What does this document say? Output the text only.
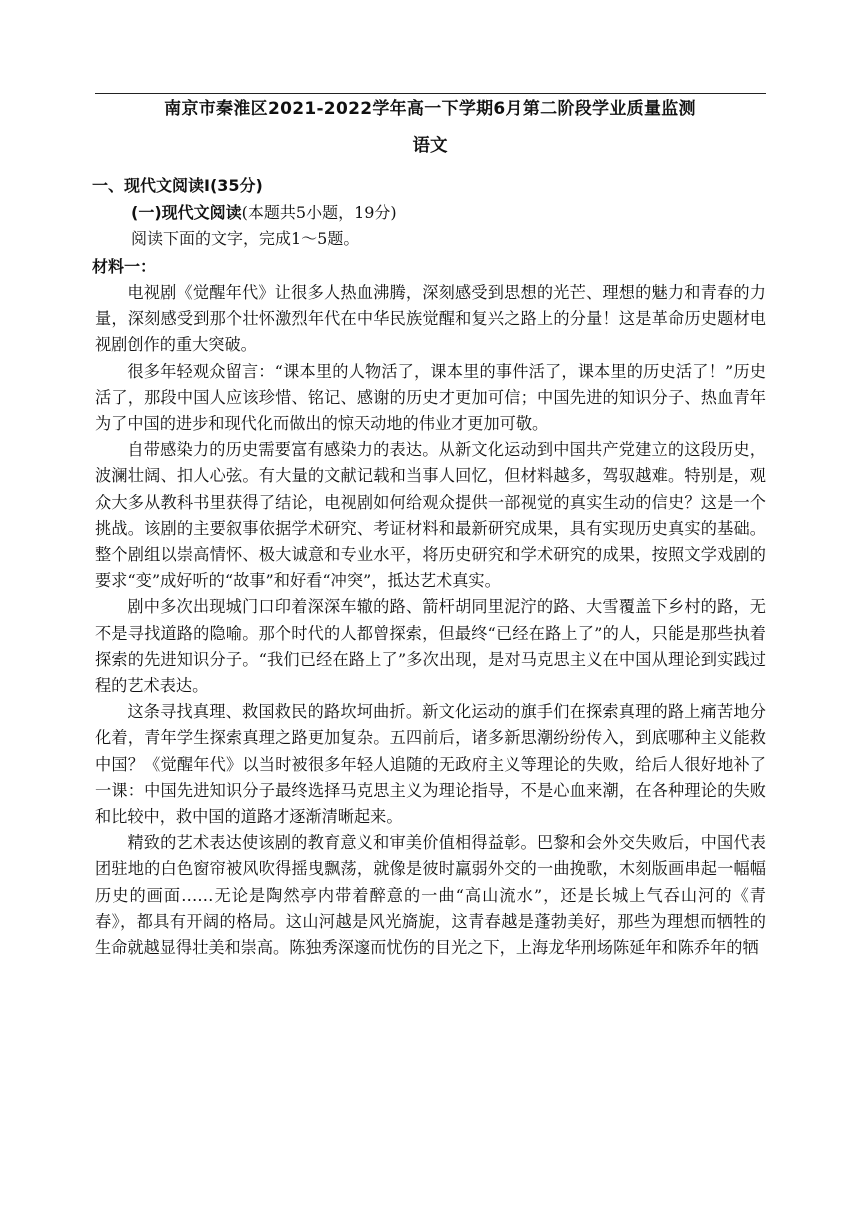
南京市秦淮区2021-2022学年高一下学期6月第二阶段学业质量监测
语文
一、现代文阅读Ⅰ(35分)
(一)现代文阅读(本题共5小题，19分)
阅读下面的文字，完成1～5题。
材料一：

电视剧《觉醒年代》让很多人热血沸腾，深刻感受到思想的光芒、理想的魅力和青春的力量，深刻感受到那个壮怀激烈年代在中华民族觉醒和复兴之路上的分量！这是革命历史题材电视剧创作的重大突破。

很多年轻观众留言：“课本里的人物活了，课本里的事件活了，课本里的历史活了！”历史活了，那段中国人应该珍惜、铭记、感谢的历史才更加可信；中国先进的知识分子、热血青年为了中国的进步和现代化而做出的惊天动地的伟业才更加可敬。

自带感染力的历史需要富有感染力的表达。从新文化运动到中国共产党建立的这段历史，波澜壮阔、扣人心弦。有大量的文献记载和当事人回忆，但材料越多，驾驭越难。特别是，观众大多从教科书里获得了结论，电视剧如何给观众提供一部视觉的真实生动的信史？这是一个挑战。该剧的主要叙事依据学术研究、考证材料和最新研究成果，具有实现历史真实的基础。整个剧组以崇高情怀、极大诚意和专业水平，将历史研究和学术研究的成果，按照文学戏剧的要求“变”成好听的“故事”和好看“冲突”，抵达艺术真实。

剧中多次出现城门口印着深深车辙的路、箭杆胡同里泥泞的路、大雪覆盖下乡村的路，无不是寻找道路的隐喻。那个时代的人都曾探索，但最终“已经在路上了”的人，只能是那些执着探索的先进知识分子。“我们已经在路上了”多次出现，是对马克思主义在中国从理论到实践过程的艺术表达。

这条寻找真理、救国救民的路坎坷曲折。新文化运动的旗手们在探索真理的路上痛苦地分化着，青年学生探索真理之路更加复杂。五四前后，诸多新思潮纷纷传入，到底哪种主义能救中国？《觉醒年代》以当时被很多年轻人追随的无政府主义等理论的失败，给后人很好地补了一课：中国先进知识分子最终选择马克思主义为理论指导，不是心血来潮，在各种理论的失败和比较中，救中国的道路才逐渐清晰起来。

精致的艺术表达使该剧的教育意义和审美价值相得益彰。巴黎和会外交失败后，中国代表团驻地的白色窗帘被风吹得摇曳飘荡，就像是彼时羸弱外交的一曲挽歌，木刻版画串起一幅幅历史的画面……无论是陶然亭内带着醉意的一曲“高山流水”，还是长城上气吞山河的《青春》，都具有开阔的格局。这山河越是风光旖旎，这青春越是蓬勃美好，那些为理想而牺牲的生命就越显得壮美和崇高。陈独秀深邃而忧伤的目光之下，上海龙华刑场陈延年和陈乔年的牺
